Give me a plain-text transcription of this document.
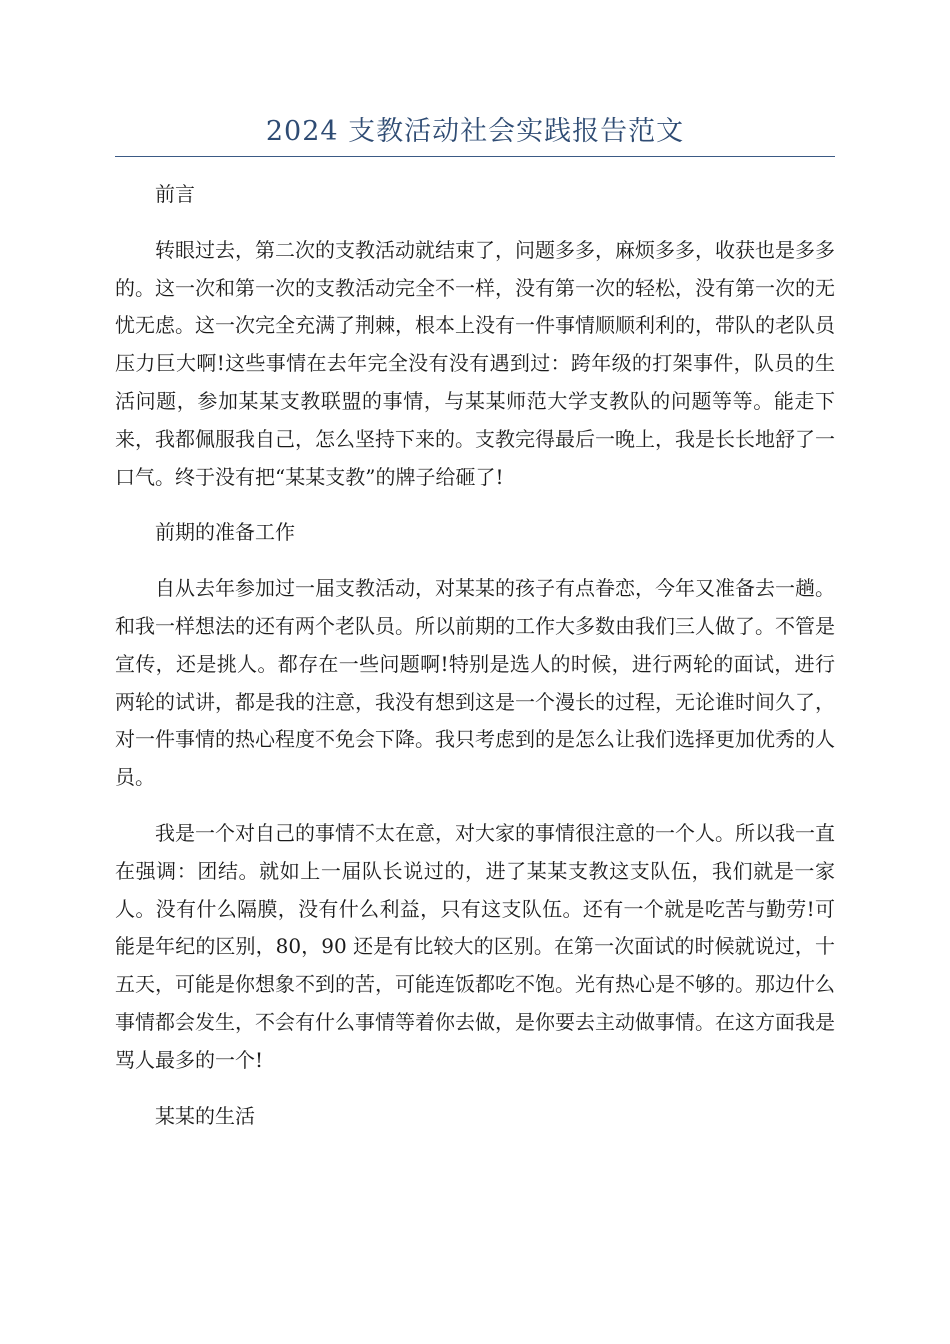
2024 支教活动社会实践报告范文

前言

转眼过去，第二次的支教活动就结束了，问题多多，麻烦多多，收获也是多多的。这一次和第一次的支教活动完全不一样，没有第一次的轻松，没有第一次的无忧无虑。这一次完全充满了荆棘，根本上没有一件事情顺顺利利的，带队的老队员压力巨大啊!这些事情在去年完全没有没有遇到过：跨年级的打架事件，队员的生活问题，参加某某支教联盟的事情，与某某师范大学支教队的问题等等。能走下来，我都佩服我自己，怎么坚持下来的。支教完得最后一晚上，我是长长地舒了一口气。终于没有把“某某支教”的牌子给砸了!

前期的准备工作

自从去年参加过一届支教活动，对某某的孩子有点眷恋，今年又准备去一趟。和我一样想法的还有两个老队员。所以前期的工作大多数由我们三人做了。不管是宣传，还是挑人。都存在一些问题啊!特别是选人的时候，进行两轮的面试，进行两轮的试讲，都是我的注意，我没有想到这是一个漫长的过程，无论谁时间久了，对一件事情的热心程度不免会下降。我只考虑到的是怎么让我们选择更加优秀的人员。

我是一个对自己的事情不太在意，对大家的事情很注意的一个人。所以我一直在强调：团结。就如上一届队长说过的，进了某某支教这支队伍，我们就是一家人。没有什么隔膜，没有什么利益，只有这支队伍。还有一个就是吃苦与勤劳!可能是年纪的区别，80，90 还是有比较大的区别。在第一次面试的时候就说过，十五天，可能是你想象不到的苦，可能连饭都吃不饱。光有热心是不够的。那边什么事情都会发生，不会有什么事情等着你去做，是你要去主动做事情。在这方面我是骂人最多的一个!

某某的生活
